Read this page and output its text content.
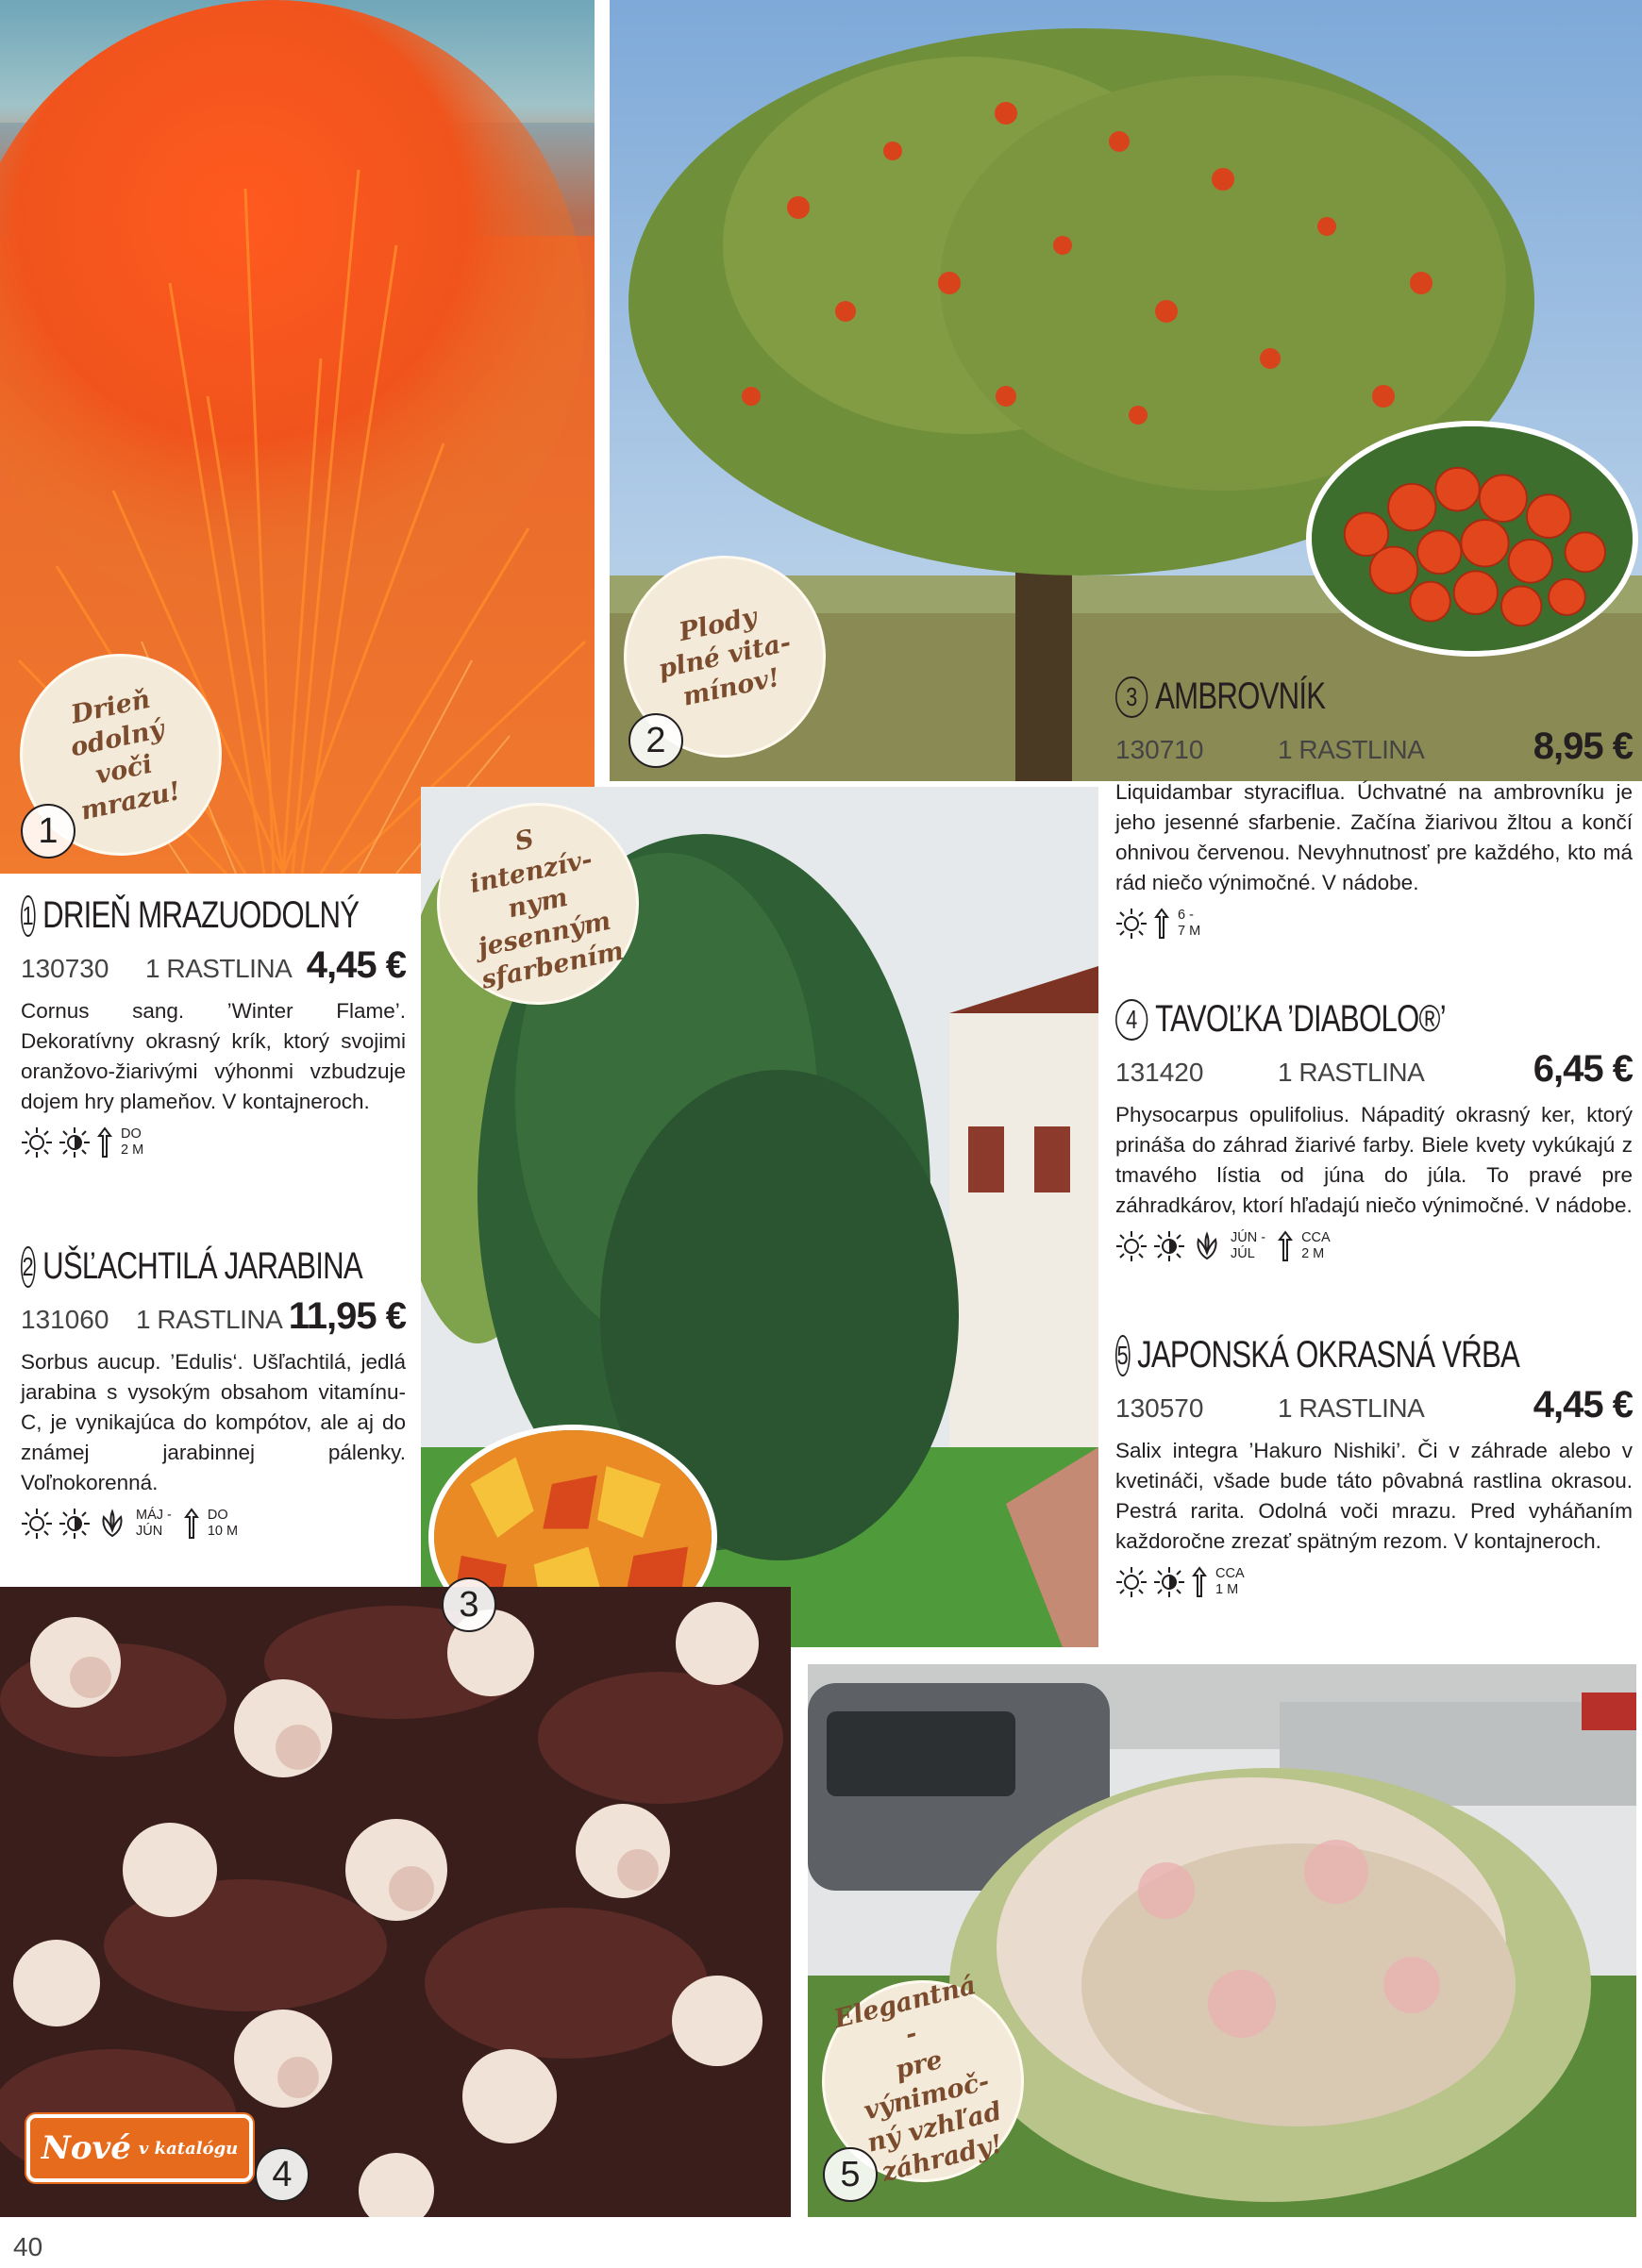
Drieň
odolný voči
mrazu!
Plody
plné vita-
mínov!
S intenzív-
nym jesenným
sfarbením
Elegantná -
pre výnimoč-
ný vzhľad
záhrady!
1
2
3
4	5
Nové v katalógu
1 DRIEŇ MRAZUODOLNÝ
130730	1 RASTLINA 4,45 €
Cornus sang. ’Winter Flame’. Dekoratívny okrasný krík, ktorý svojimi oranžovo-žiarivými výhonmi vzbudzuje dojem hry plameňov. V kontajneroch.
DO
2 M
2 UŠĽACHTILÁ JARABINA
131060	1 RASTLINA 11,95 €
Sorbus aucup. ’Edulis‘. Ušľachtilá, jedlá jarabina s vysokým obsahom vitamínu-C, je vynikajúca do kompótov, ale aj do známej jarabinnej pálenky. Voľnokorenná.
MÁJ -
JÚN
DO
10 M
3 AMBROVNÍK
130710	1 RASTLINA	8,95 €
Liquidambar styraciflua. Úchvatné na ambrovníku je jeho jesenné sfarbenie. Začína žiarivou žltou a končí ohnivou červenou. Nevyhnutnosť pre každého, kto má rád niečo výnimočné. V nádobe.
6 -
7 M
4 TAVOĽKA ’DIABOLO®’
131420	1 RASTLINA	6,45 €
Physocarpus opulifolius. Nápaditý okrasný ker, ktorý prináša do záhrad žiarivé farby. Biele kvety vykúkajú z tmavého lístia od júna do júla. To pravé pre záhradkárov, ktorí hľadajú niečo výnimočné. V nádobe.
JÚN -
JÚL
CCA
2 M
5 JAPONSKÁ OKRASNÁ VŔBA
130570	1 RASTLINA	4,45 €
Salix integra ’Hakuro Nishiki’. Či v záhrade alebo v kvetináči, všade bude táto pôvabná rastlina okrasou. Pestrá rarita. Odolná voči mrazu. Pred vyháňaním každoročne zrezať spätným rezom. V kontajneroch.
CCA
1 M
40
